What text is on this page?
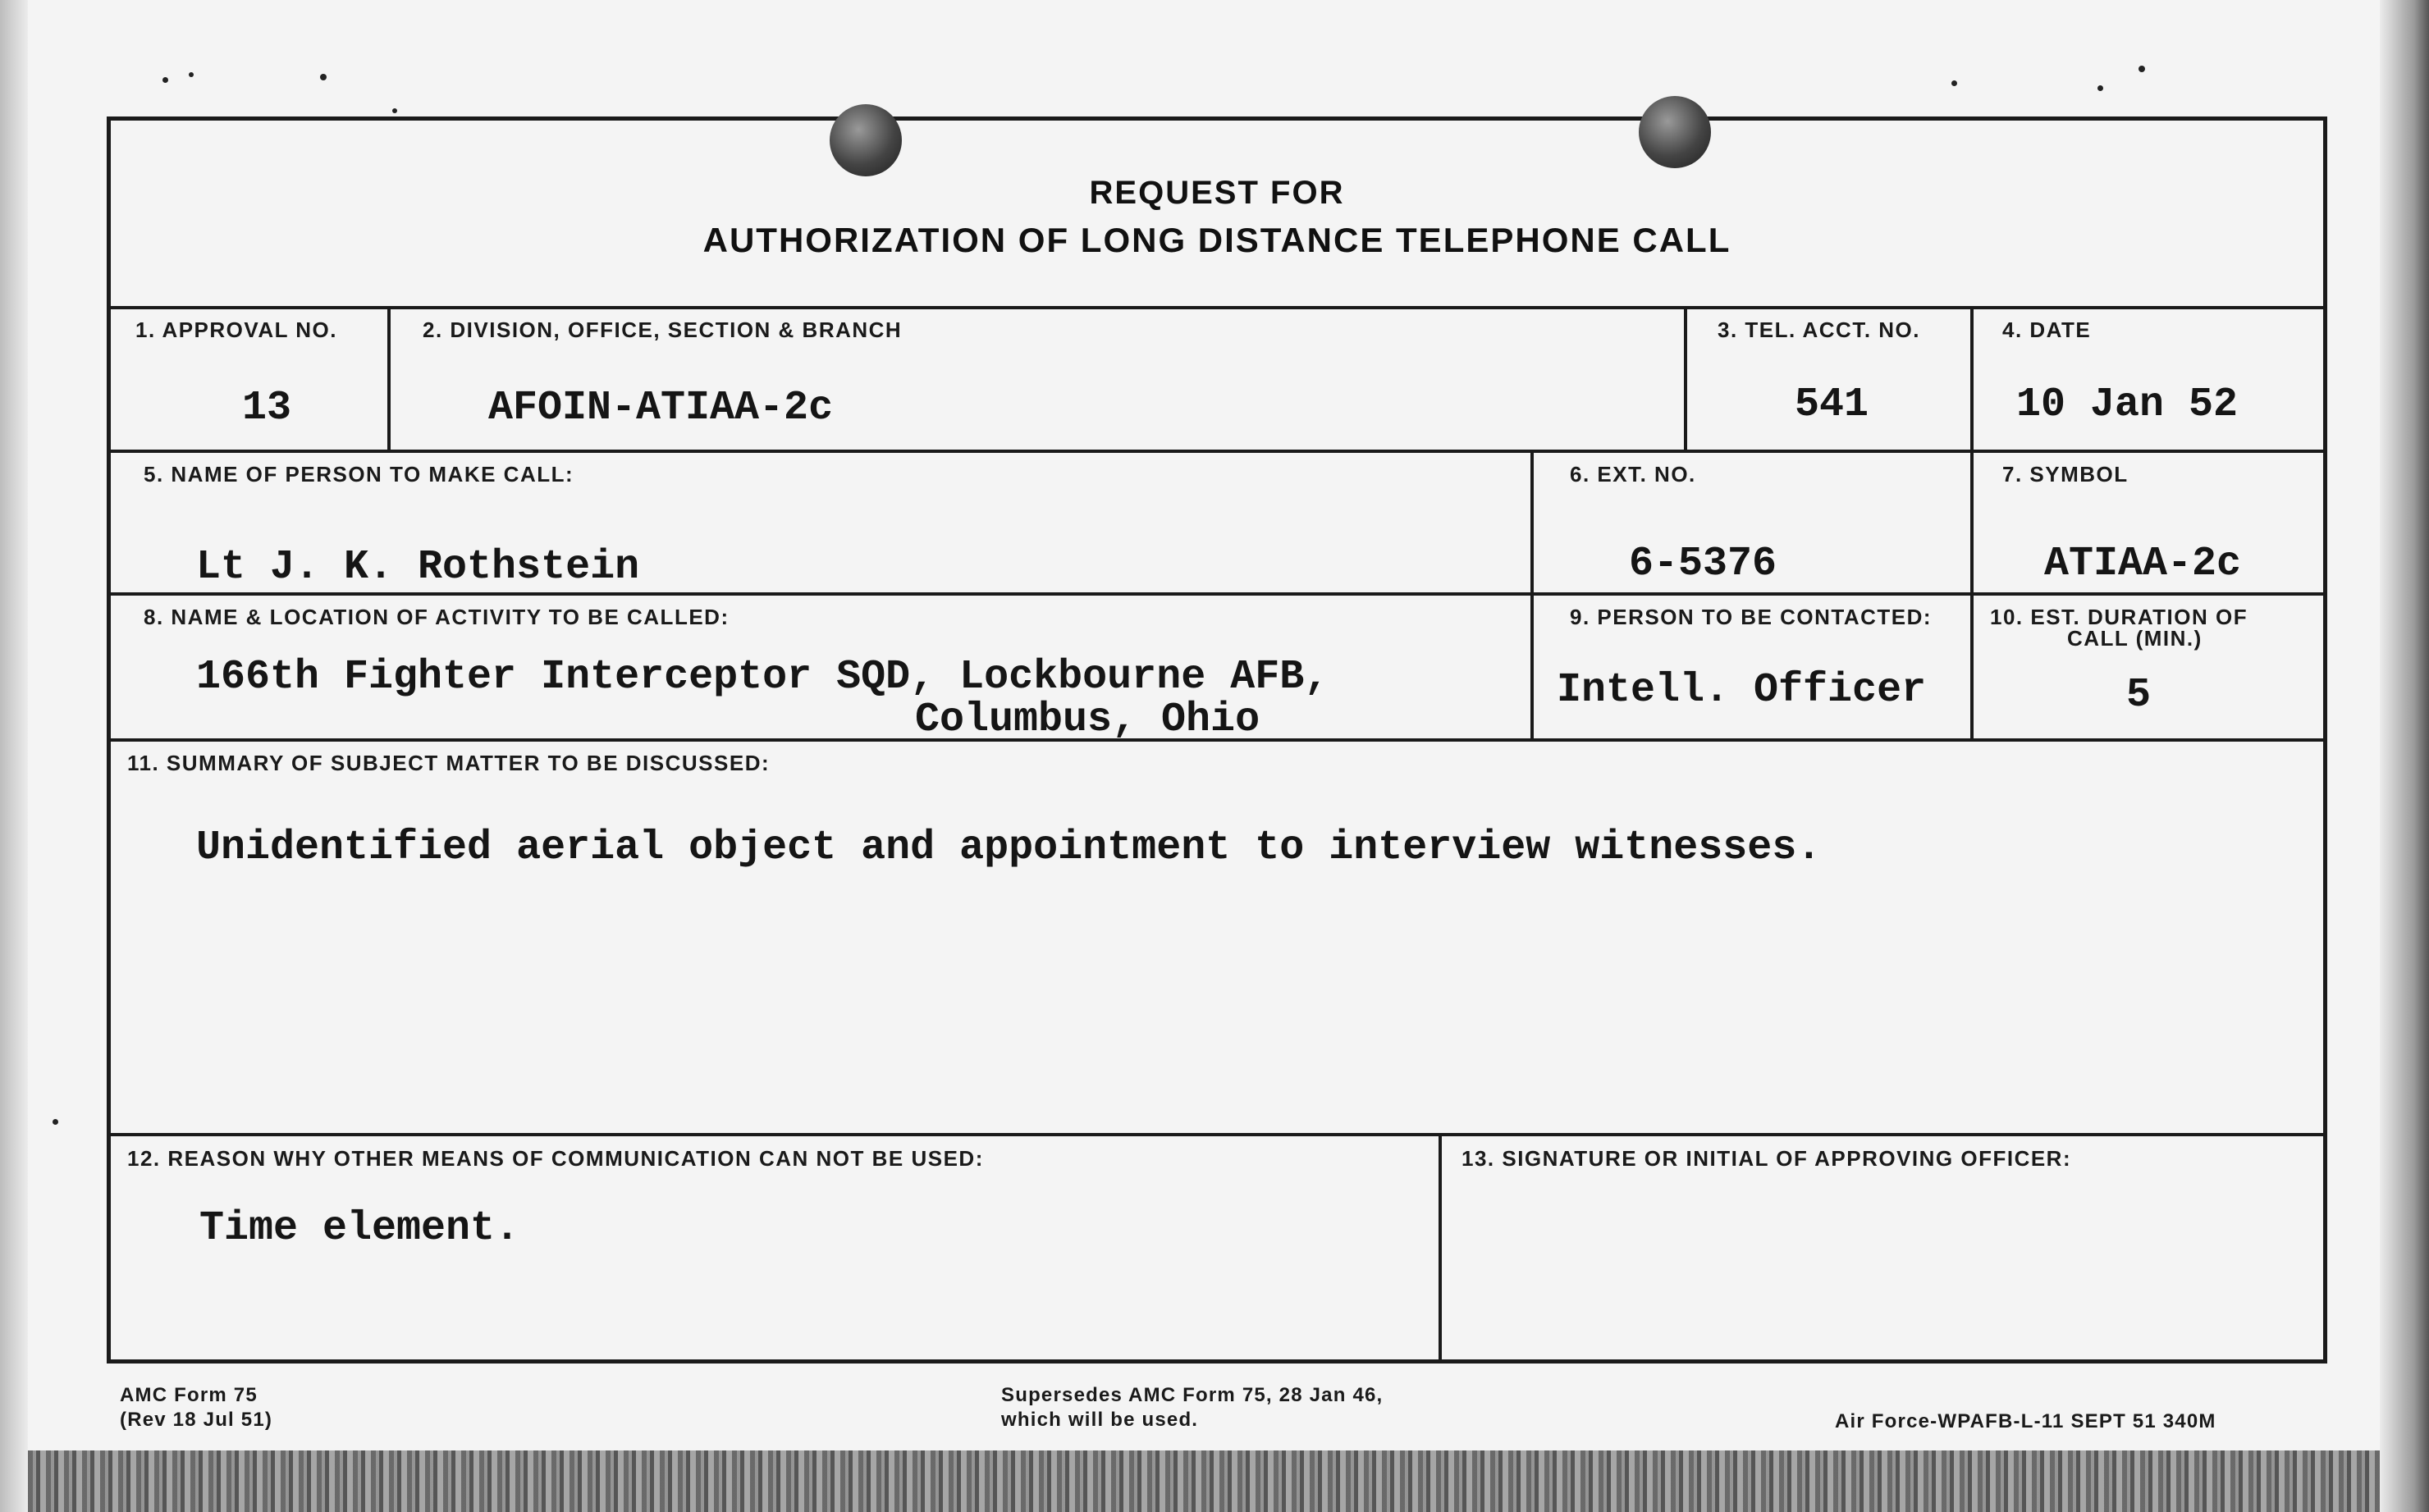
REQUEST FOR
AUTHORIZATION OF LONG DISTANCE TELEPHONE CALL
1. APPROVAL NO.
13
2. DIVISION, OFFICE, SECTION & BRANCH
AFOIN-ATIAA-2c
3. TEL. ACCT. NO.
541
4. DATE
10 Jan 52
5. NAME OF PERSON TO MAKE CALL:
Lt J. K. Rothstein
6. EXT. NO.
6-5376
7. SYMBOL
ATIAA-2c
8. NAME & LOCATION OF ACTIVITY TO BE CALLED:
166th Fighter Interceptor SQD, Lockbourne AFB,
Columbus, Ohio
9. PERSON TO BE CONTACTED:
Intell. Officer
10. EST. DURATION OF
CALL (MIN.)
5
11. SUMMARY OF SUBJECT MATTER TO BE DISCUSSED:
Unidentified aerial object and appointment to interview witnesses.
12. REASON WHY OTHER MEANS OF COMMUNICATION CAN NOT BE USED:
Time element.
13. SIGNATURE OR INITIAL OF APPROVING OFFICER:
AMC Form 75
(Rev 18 Jul 51)
Supersedes AMC Form 75, 28 Jan 46,
which will be used.	Air Force-WPAFB-L-11 SEPT 51 340M
